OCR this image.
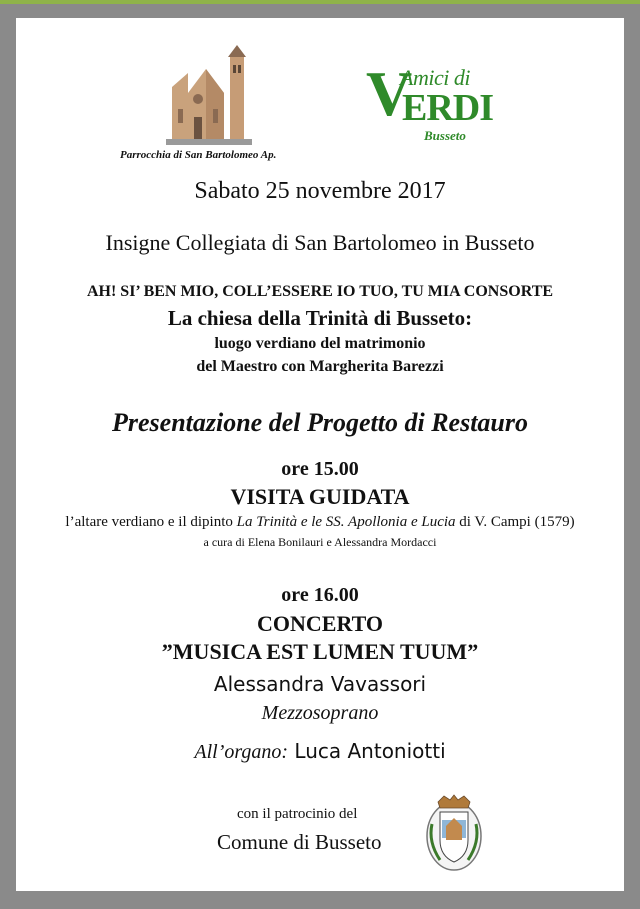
Parrocchia di San Bartolomeo Ap.
V
Amici di
ERDI
Busseto
Sabato 25 novembre 2017
Insigne Collegiata di San Bartolomeo in Busseto
AH! SI’ BEN MIO, COLL’ESSERE IO TUO, TU MIA CONSORTE
La chiesa della Trinità di Busseto:
luogo verdiano del matrimonio
del Maestro con Margherita Barezzi
Presentazione del Progetto di Restauro
ore 15.00
VISITA GUIDATA
l’altare verdiano e il dipinto La Trinità e le SS. Apollonia e Lucia di V. Campi (1579)
a cura di Elena Bonilauri e Alessandra Mordacci
ore 16.00
CONCERTO
”MUSICA EST LUMEN TUUM”
Alessandra Vavassori
Mezzosoprano
All’organo: Luca Antoniotti
con il patrocinio del
Comune di Busseto
